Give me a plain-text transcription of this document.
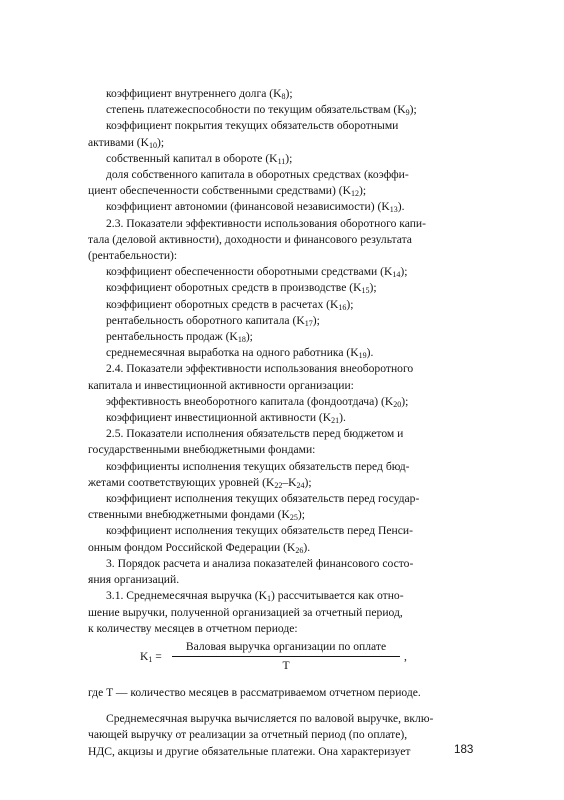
коэффициент внутреннего долга $(K_8)$;
степень платежеспособности по текущим обязательствам $(K_9)$;
коэффициент покрытия текущих обязательств оборотными
активами $(K_{10})$;
собственный капитал в обороте $(K_{11})$;
доля собственного капитала в оборотных средствах (коэффи-
циент обеспеченности собственными средствами) $(K_{12})$;
коэффициент автономии (финансовой независимости) $(K_{13})$.
2.3. Показатели эффективности использования оборотного капи-
тала (деловой активности), доходности и финансового результата
(рентабельности):
коэффициент обеспеченности оборотными средствами $(K_{14})$;
коэффициент оборотных средств в производстве $(K_{15})$;
коэффициент оборотных средств в расчетах $(K_{16})$;
рентабельность оборотного капитала $(K_{17})$;
рентабельность продаж $(K_{18})$;
среднемесячная выработка на одного работника $(K_{19})$.
2.4. Показатели эффективности использования внеоборотного
капитала и инвестиционной активности организации:
эффективность внеоборотного капитала (фондоотдача) $(K_{20})$;
коэффициент инвестиционной активности $(K_{21})$.
2.5. Показатели исполнения обязательств перед бюджетом и
государственными внебюджетными фондами:
коэффициенты исполнения текущих обязательств перед бюд-
жетами соответствующих уровней $(K_{22}-K_{24})$;
коэффициент исполнения текущих обязательств перед государ-
ственными внебюджетными фондами $(K_{25})$;
коэффициент исполнения текущих обязательств перед Пенси-
онным фондом Российской Федерации $(K_{26})$.
3. Порядок расчета и анализа показателей финансового состо-
яния организаций.
3.1. Среднемесячная выручка $(K_1)$ рассчитывается как отно-
шение выручки, полученной организацией за отчетный период,
к количеству месяцев в отчетном периоде:
$K_1$ =
Валовая выручка организации по оплате
T
,
где T — количество месяцев в рассматриваемом отчетном периоде.
Среднемесячная выручка вычисляется по валовой выручке, вклю-
чающей выручку от реализации за отчетный период (по оплате),
НДС, акцизы и другие обязательные платежи. Она характеризует	183
